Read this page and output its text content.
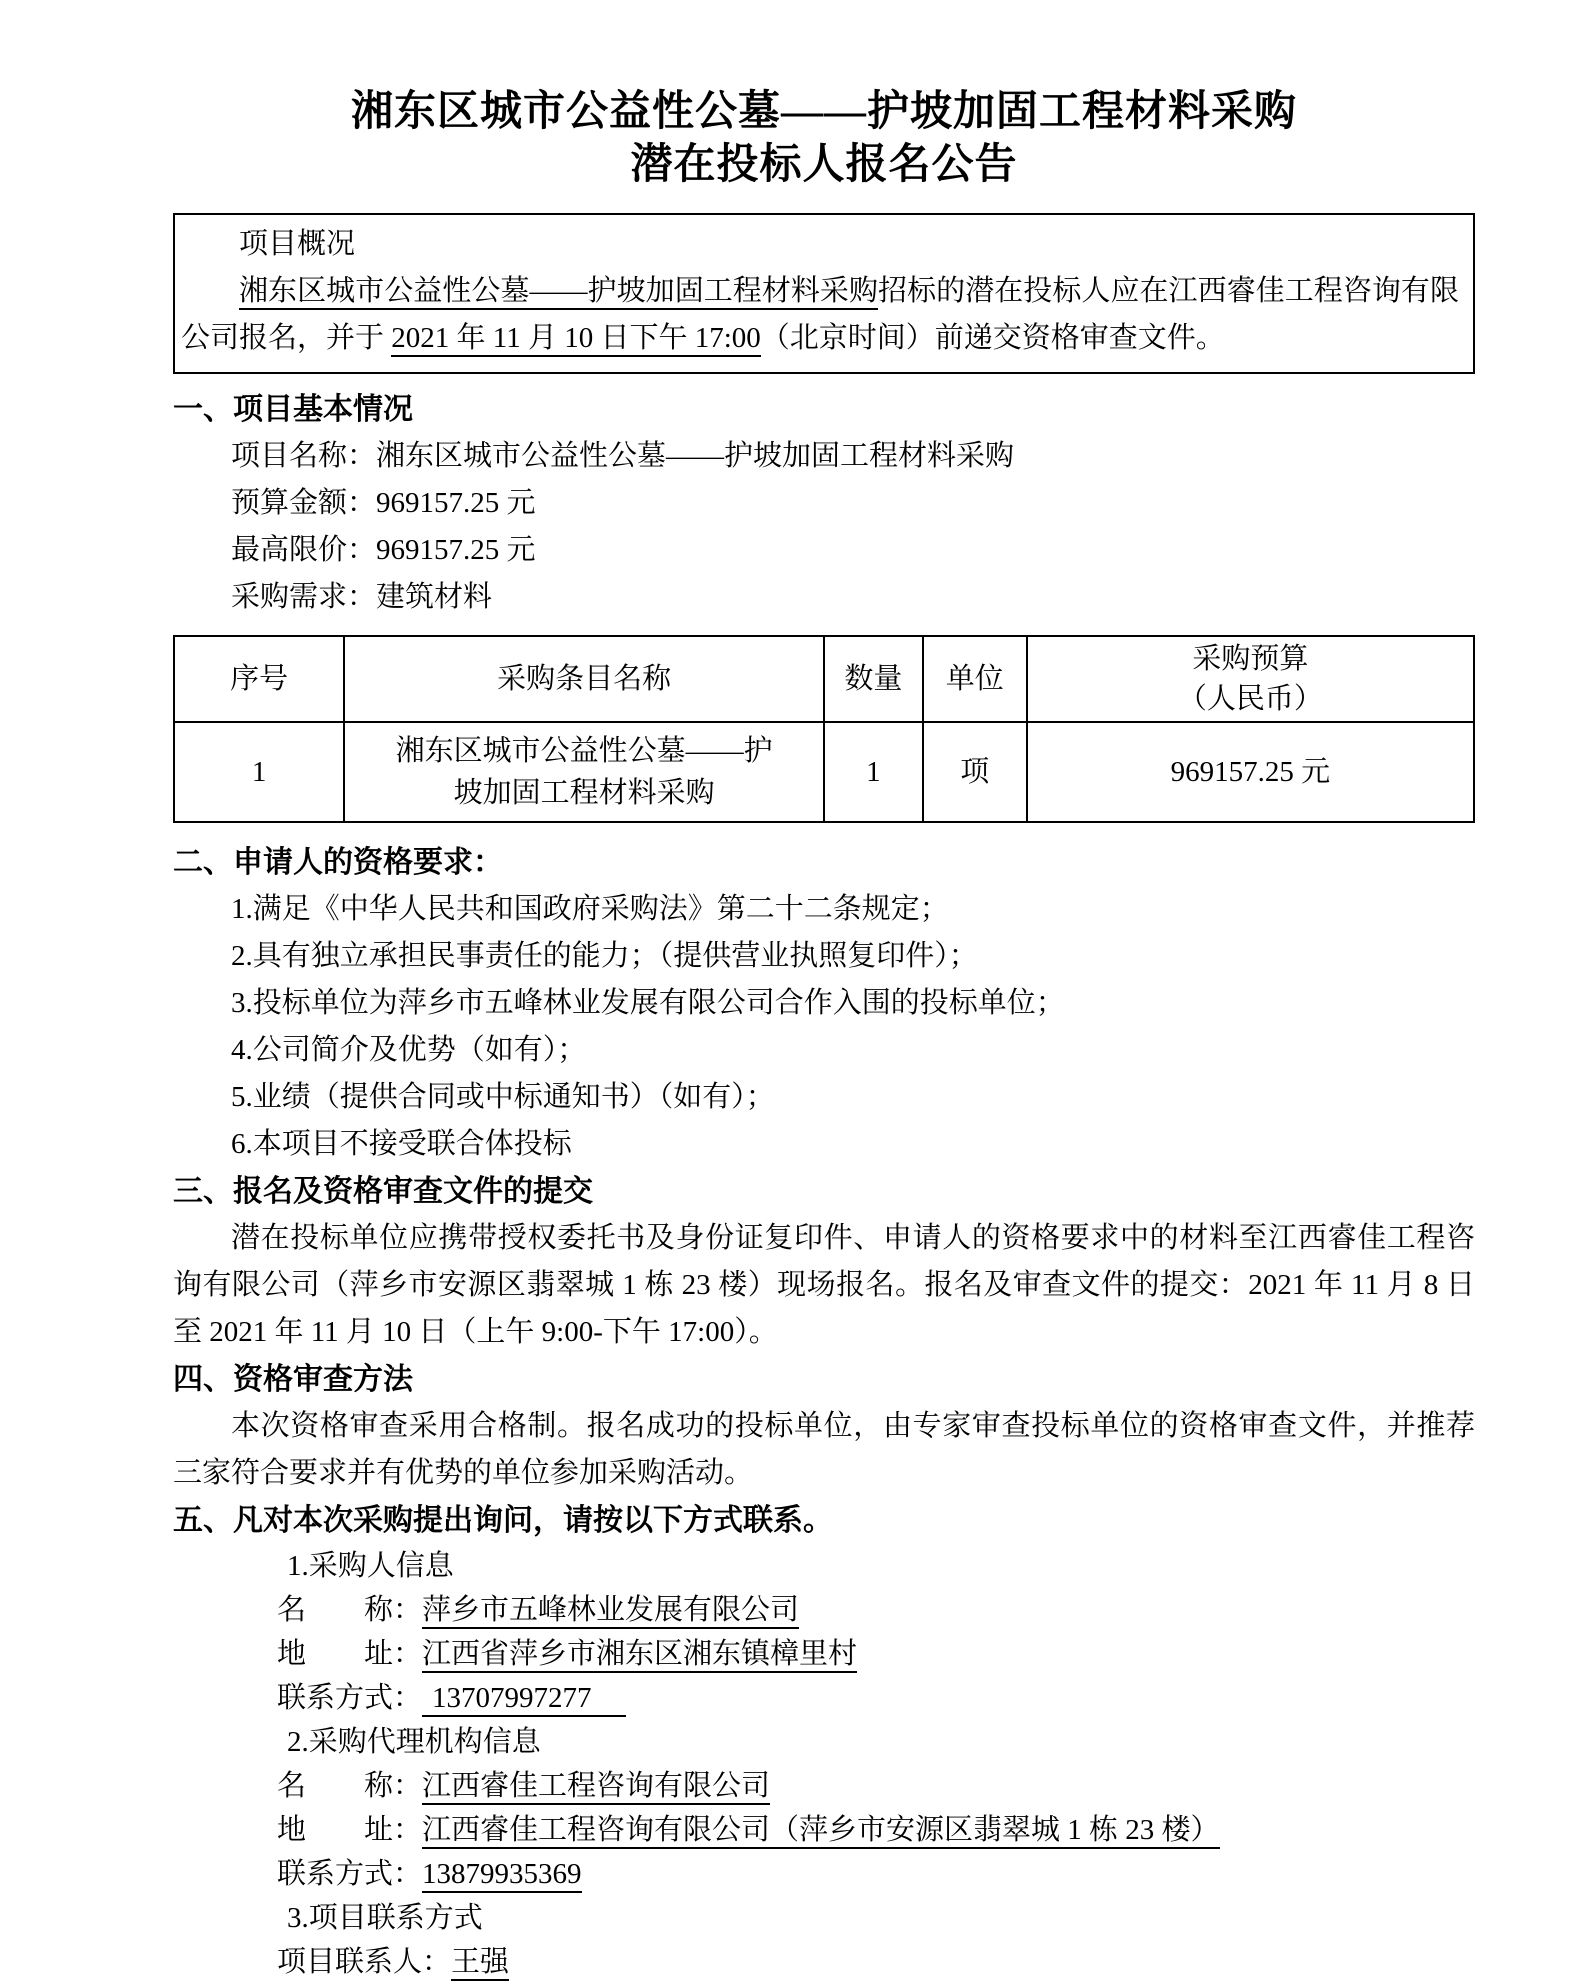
湘东区城市公益性公墓——护坡加固工程材料采购
潜在投标人报名公告
项目概况
湘东区城市公益性公墓——护坡加固工程材料采购招标的潜在投标人应在江西睿佳工程咨询有限公司报名，并于 2021 年 11 月 10 日下午 17:00（北京时间）前递交资格审查文件。
一、项目基本情况
项目名称：湘东区城市公益性公墓——护坡加固工程材料采购
预算金额：969157.25 元
最高限价：969157.25 元
采购需求：建筑材料
序号	采购条目名称	数量	单位	采购预算
（人民币）

1	湘东区城市公益性公墓——护
坡加固工程材料采购	1	项	969157.25 元
二、申请人的资格要求：
1.满足《中华人民共和国政府采购法》第二十二条规定；
2.具有独立承担民事责任的能力；（提供营业执照复印件）；
3.投标单位为萍乡市五峰林业发展有限公司合作入围的投标单位；
4.公司简介及优势（如有）；
5.业绩（提供合同或中标通知书）（如有）；
6.本项目不接受联合体投标
三、报名及资格审查文件的提交
潜在投标单位应携带授权委托书及身份证复印件、申请人的资格要求中的材料至江西睿佳工程咨询有限公司（萍乡市安源区翡翠城 1 栋 23 楼）现场报名。报名及审查文件的提交：2021 年 11 月 8 日至 2021 年 11 月 10 日（上午 9:00-下午 17:00）。
四、资格审查方法
本次资格审查采用合格制。报名成功的投标单位，由专家审查投标单位的资格审查文件，并推荐三家符合要求并有优势的单位参加采购活动。
五、凡对本次采购提出询问，请按以下方式联系。
1.采购人信息
名　　称：萍乡市五峰林业发展有限公司
地　　址：江西省萍乡市湘东区湘东镇樟里村
联系方式： 13707997277
2.采购代理机构信息
名　　称：江西睿佳工程咨询有限公司
地　　址：江西睿佳工程咨询有限公司（萍乡市安源区翡翠城 1 栋 23 楼）
联系方式：13879935369
3.项目联系方式
项目联系人：王强
